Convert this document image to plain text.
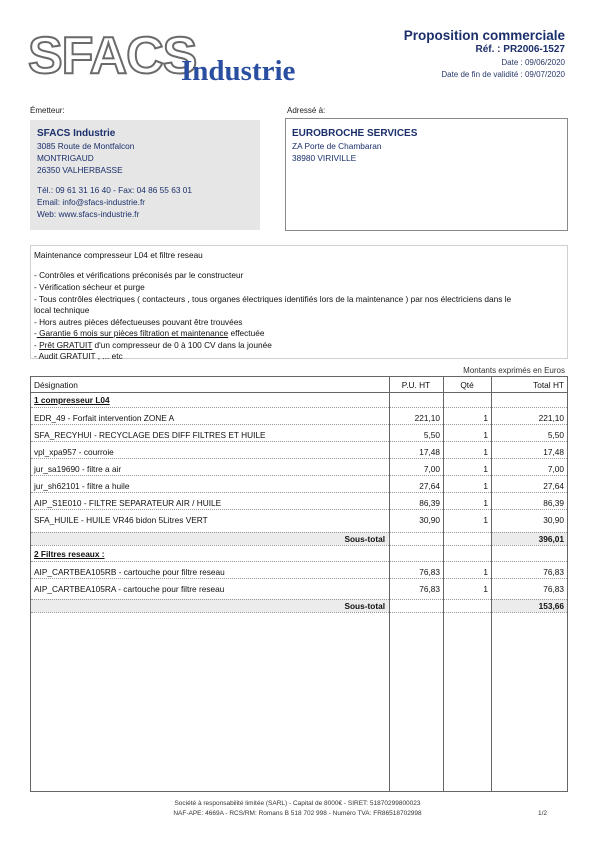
SFACS
Industrie
Proposition commerciale
Réf. : PR2006-1527
Date : 09/06/2020
Date de fin de validité : 09/07/2020
Émetteur:
SFACS Industrie
3085 Route de Montfalcon
MONTRIGAUD
26350 VALHERBASSE
Tél.: 09 61 31 16 40 - Fax: 04 86 55 63 01
Email: info@sfacs-industrie.fr
Web: www.sfacs-industrie.fr
Adressé à:
EUROBROCHE SERVICES
ZA Porte de Chambaran
38980 VIRIVILLE
Maintenance compresseur L04 et filtre reseau
- Contrôles et vérifications préconisés par le constructeur
- Vérification sécheur et purge
- Tous contrôles électriques ( contacteurs , tous organes électriques identifiés lors de la maintenance ) par nos électriciens dans le
local technique
- Hors autres pièces défectueuses pouvant être trouvées
- Garantie 6 mois sur pièces filtration et maintenance effectuée
- Prêt GRATUIT d'un compresseur de 0 à 100 CV dans la jounée
- Audit GRATUIT , ... etc
Montants exprimés en Euros
Désignation	P.U. HT	Qté	Total HT
1 compresseur L04
EDR_49 - Forfait intervention ZONE A	221,10	1	221,10
SFA_RECYHUI - RECYCLAGE DES DIFF FILTRES ET HUILE	5,50	1	5,50
vpl_xpa957 - courroie	17,48	1	17,48
jur_sa19690 - filtre a air	7,00	1	7,00
jur_sh62101 - filtre a huile	27,64	1	27,64
AIP_S1E010 - FILTRE SEPARATEUR AIR / HUILE	86,39	1	86,39
SFA_HUILE - HUILE VR46 bidon 5Litres VERT	30,90	1	30,90
Sous-total	396,01
2 Filtres reseaux :
AIP_CARTBEA105RB - cartouche pour filtre reseau	76,83	1	76,83
AIP_CARTBEA105RA - cartouche pour filtre reseau	76,83	1	76,83
Sous-total	153,66
Société à responsabilité limitée (SARL) - Capital de 8000€ - SIRET: 51870299800023
NAF-APE: 4669A - RCS/RM: Romans B 518 702 998 - Numéro TVA: FR86518702998	1/2
